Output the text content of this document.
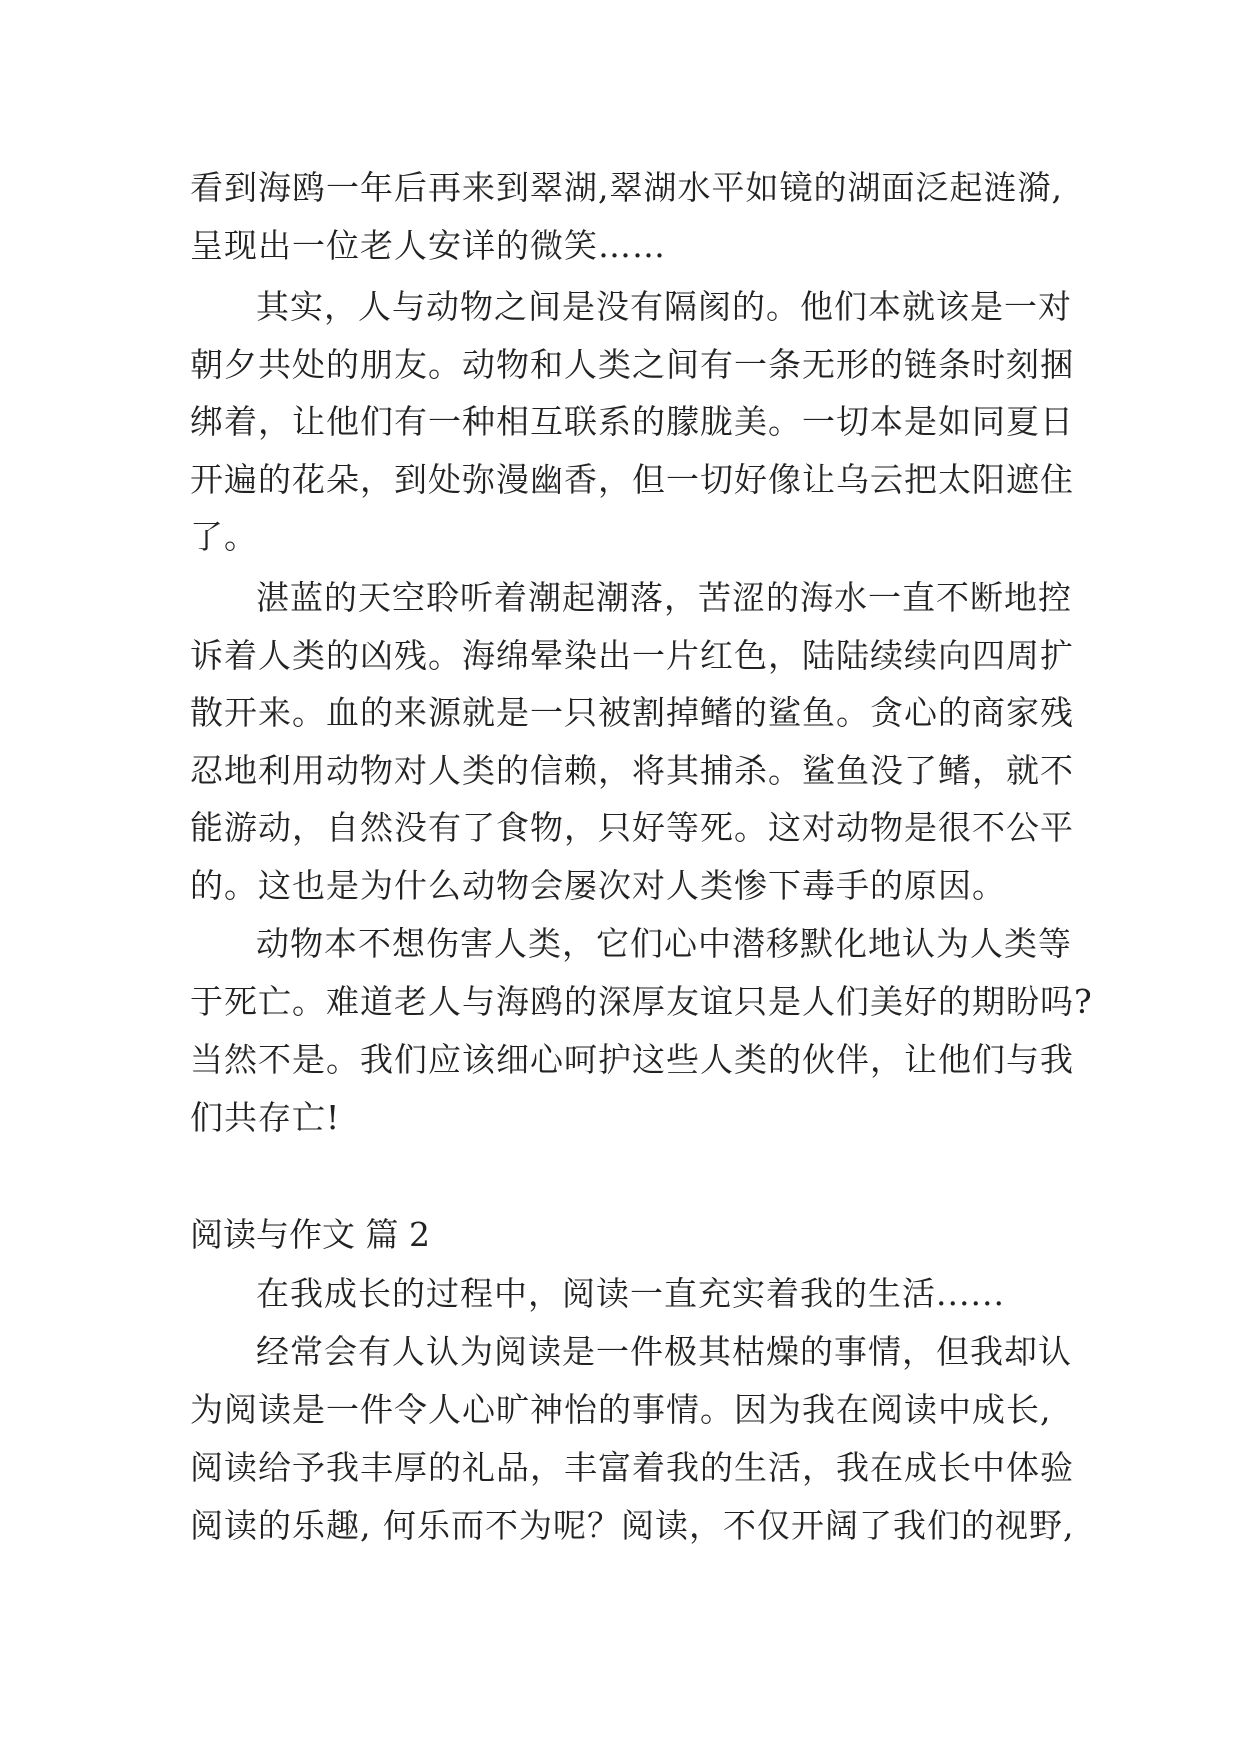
看到海鸥一年后再来到翠湖,翠湖水平如镜的湖面泛起涟漪,
呈现出一位老人安详的微笑……
其实，人与动物之间是没有隔阂的。他们本就该是一对
朝夕共处的朋友。动物和人类之间有一条无形的链条时刻捆
绑着，让他们有一种相互联系的朦胧美。一切本是如同夏日
开遍的花朵，到处弥漫幽香，但一切好像让乌云把太阳遮住
了。
湛蓝的天空聆听着潮起潮落，苦涩的海水一直不断地控
诉着人类的凶残。海绵晕染出一片红色，陆陆续续向四周扩
散开来。血的来源就是一只被割掉鳍的鲨鱼。贪心的商家残
忍地利用动物对人类的信赖，将其捕杀。鲨鱼没了鳍，就不
能游动，自然没有了食物，只好等死。这对动物是很不公平
的。这也是为什么动物会屡次对人类惨下毒手的原因。
动物本不想伤害人类，它们心中潜移默化地认为人类等
于死亡。难道老人与海鸥的深厚友谊只是人们美好的期盼吗?
当然不是。我们应该细心呵护这些人类的伙伴，让他们与我
们共存亡!
阅读与作文 篇 2
在我成长的过程中，阅读一直充实着我的生活......
经常会有人认为阅读是一件极其枯燥的事情，但我却认
为阅读是一件令人心旷神怡的事情。因为我在阅读中成长,
阅读给予我丰厚的礼品，丰富着我的生活，我在成长中体验
阅读的乐趣, 何乐而不为呢？阅读，不仅开阔了我们的视野,
